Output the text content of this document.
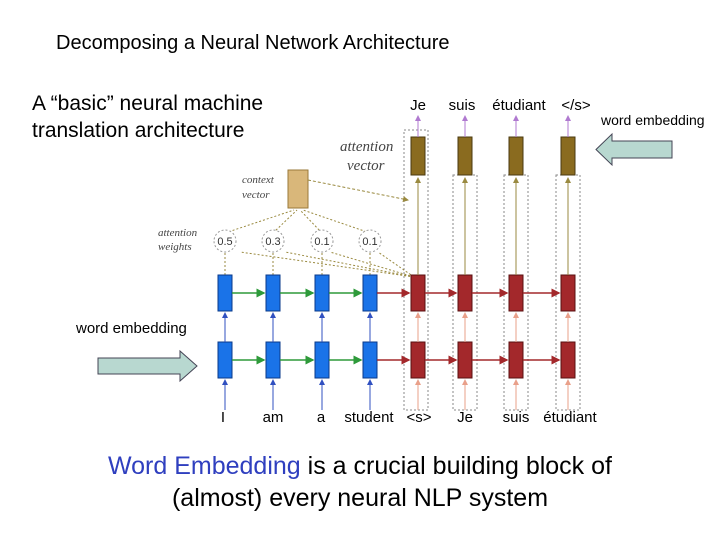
Decomposing a Neural Network Architecture
A “basic” neural machine translation architecture	word embedding
word embedding
0.5	0.3	0.1	0.1
attention
vector
context
vector
attention
weights
I am a student <s> Je suis étudiant
Je suis étudiant </s>
Word Embedding is a crucial building block of
(almost) every neural NLP system
